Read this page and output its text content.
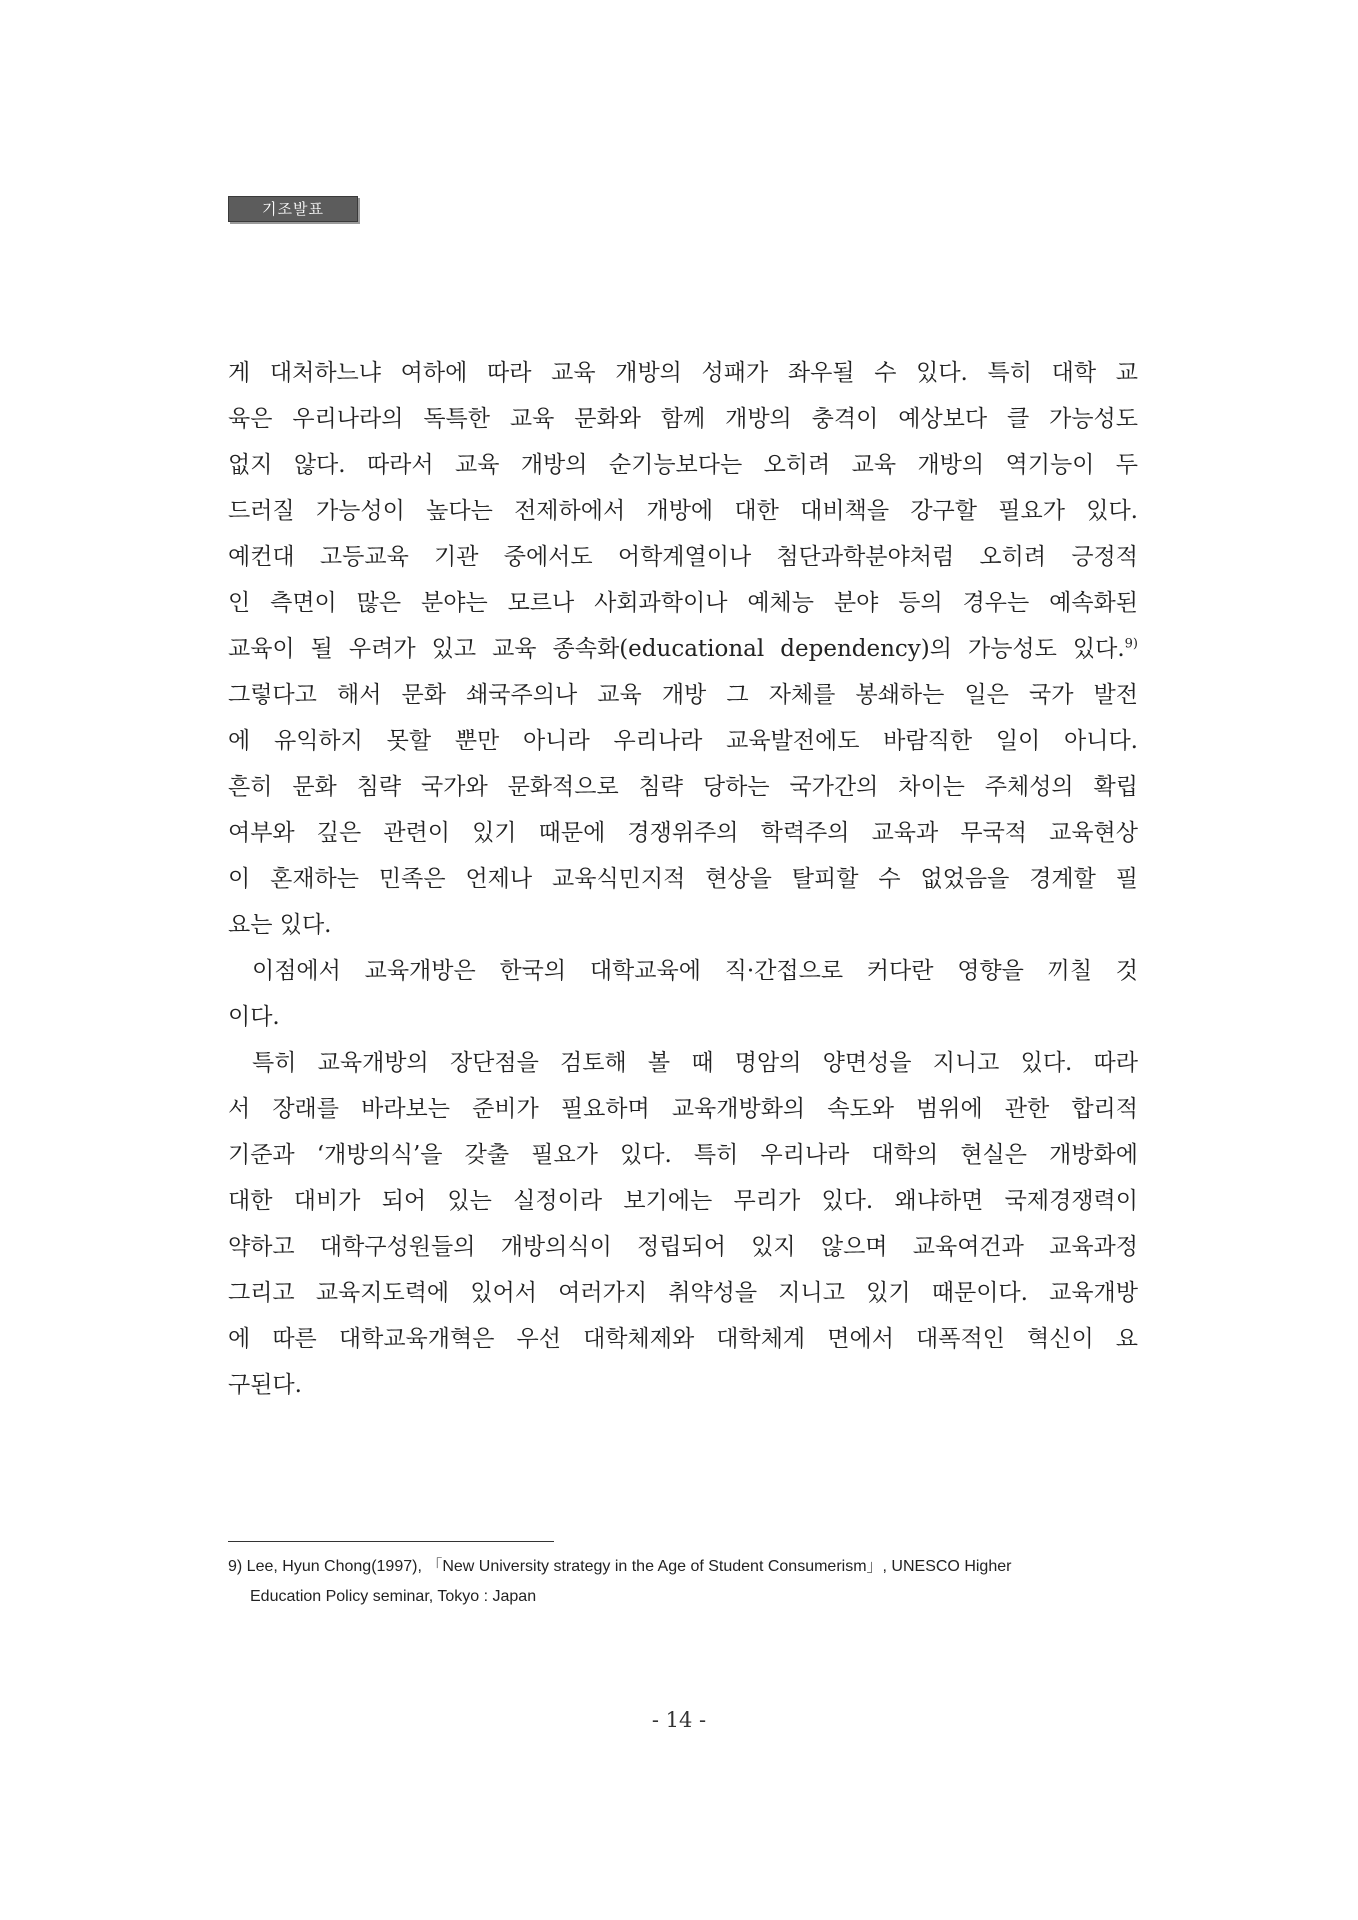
기조발표
게 대처하느냐 여하에 따라 교육 개방의 성패가 좌우될 수 있다. 특히 대학 교
육은 우리나라의 독특한 교육 문화와 함께 개방의 충격이 예상보다 클 가능성도
없지 않다. 따라서 교육 개방의 순기능보다는 오히려 교육 개방의 역기능이 두
드러질 가능성이 높다는 전제하에서 개방에 대한 대비책을 강구할 필요가 있다.
예컨대 고등교육 기관 중에서도 어학계열이나 첨단과학분야처럼 오히려 긍정적
인 측면이 많은 분야는 모르나 사회과학이나 예체능 분야 등의 경우는 예속화된
교육이 될 우려가 있고 교육 종속화(educational dependency)의 가능성도 있다.$^{9)}$
그렇다고 해서 문화 쇄국주의나 교육 개방 그 자체를 봉쇄하는 일은 국가 발전
에 유익하지 못할 뿐만 아니라 우리나라 교육발전에도 바람직한 일이 아니다.
흔히 문화 침략 국가와 문화적으로 침략 당하는 국가간의 차이는 주체성의 확립
여부와 깊은 관련이 있기 때문에 경쟁위주의 학력주의 교육과 무국적 교육현상
이 혼재하는 민족은 언제나 교육식민지적 현상을 탈피할 수 없었음을 경계할 필
요는 있다.
이점에서 교육개방은 한국의 대학교육에 직·간접으로 커다란 영향을 끼칠 것
이다.
특히 교육개방의 장단점을 검토해 볼 때 명암의 양면성을 지니고 있다. 따라
서 장래를 바라보는 준비가 필요하며 교육개방화의 속도와 범위에 관한 합리적
기준과 ‘개방의식’을 갖출 필요가 있다. 특히 우리나라 대학의 현실은 개방화에
대한 대비가 되어 있는 실정이라 보기에는 무리가 있다. 왜냐하면 국제경쟁력이
약하고 대학구성원들의 개방의식이 정립되어 있지 않으며 교육여건과 교육과정
그리고 교육지도력에 있어서 여러가지 취약성을 지니고 있기 때문이다. 교육개방
에 따른 대학교육개혁은 우선 대학체제와 대학체계 면에서 대폭적인 혁신이 요
구된다.
9) Lee, Hyun Chong(1997), 「New University strategy in the Age of Student Consumerism」, UNESCO Higher
Education Policy seminar, Tokyo : Japan
- 14 -
